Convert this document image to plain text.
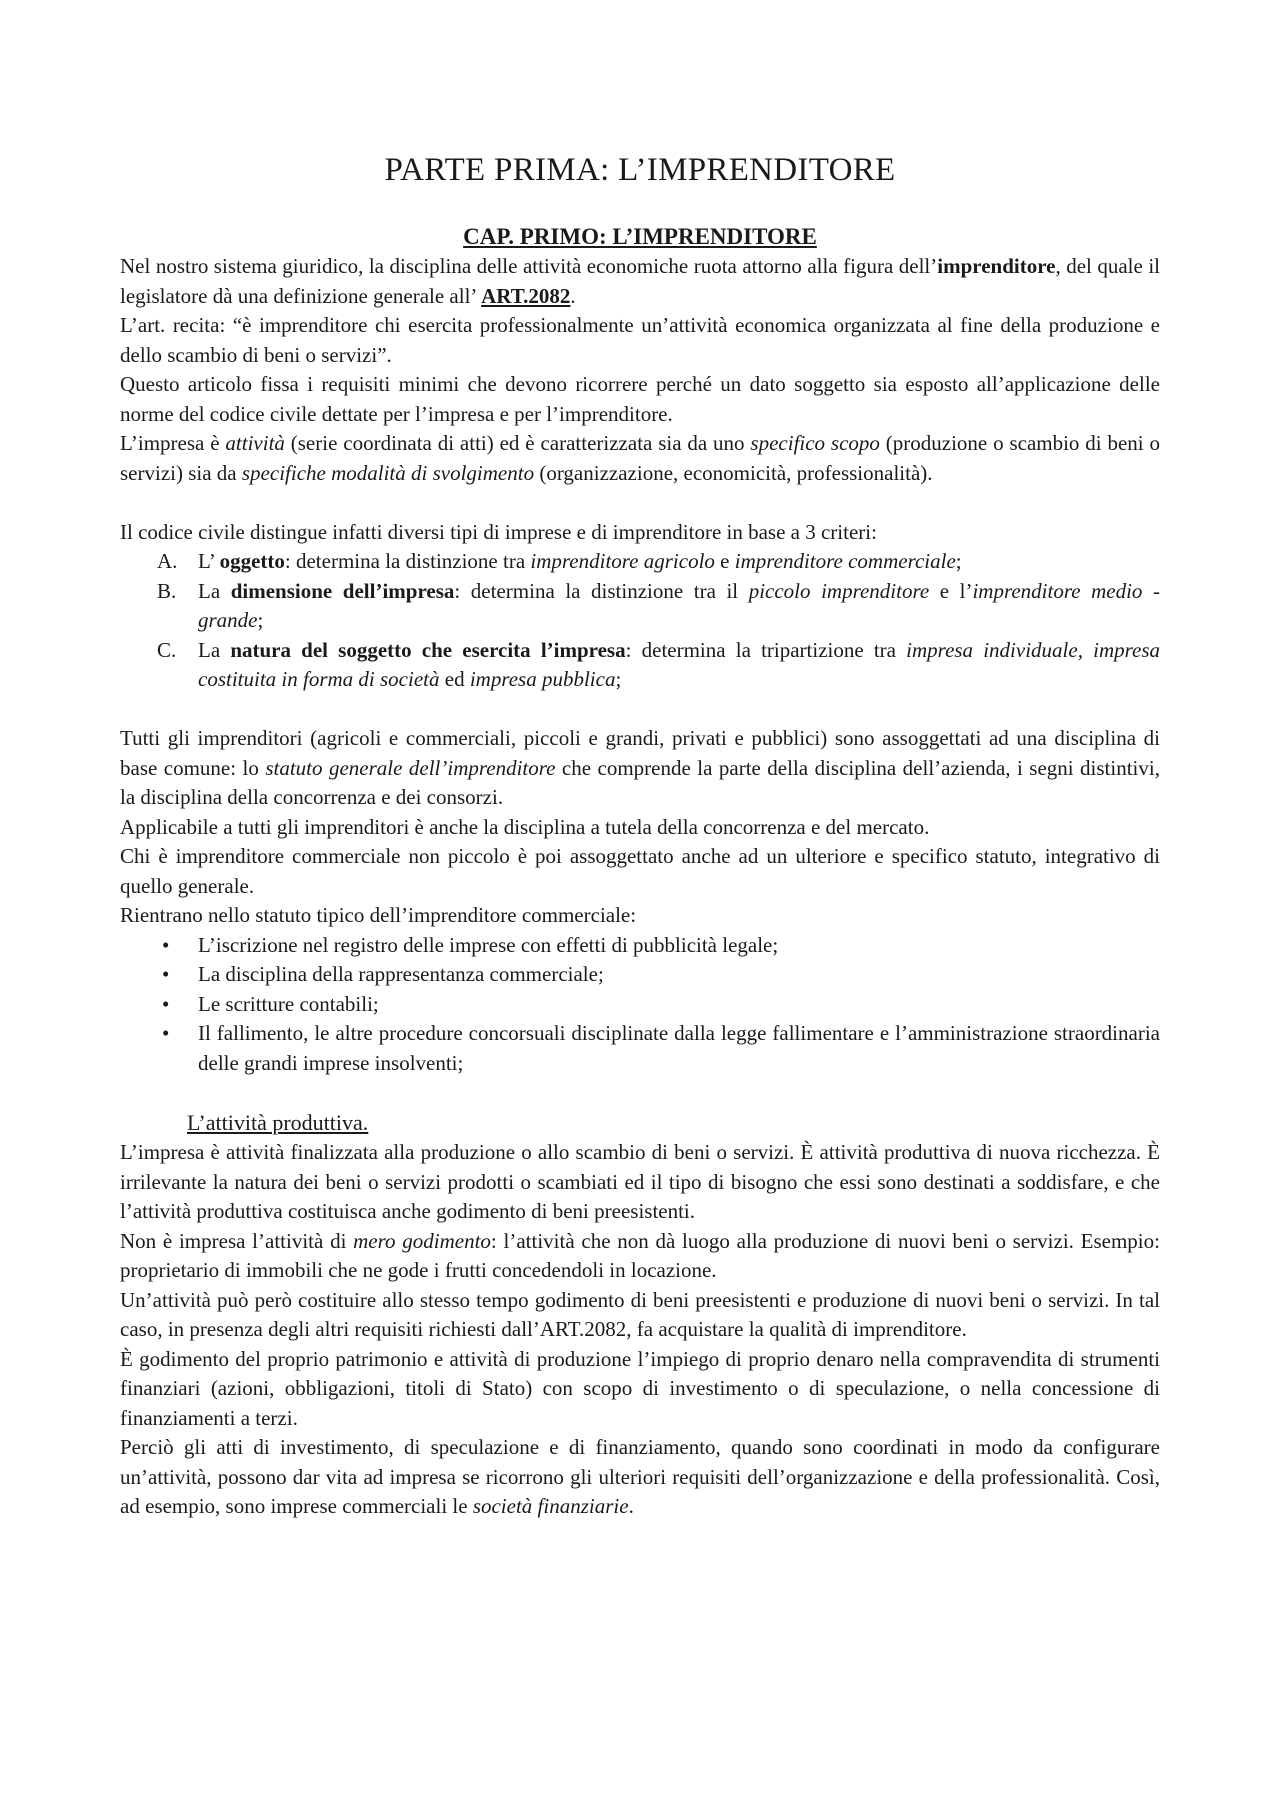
PARTE PRIMA: L’IMPRENDITORE
CAP. PRIMO: L’IMPRENDITORE

Nel nostro sistema giuridico, la disciplina delle attività economiche ruota attorno alla figura dell’imprenditore, del quale il legislatore dà una definizione generale all’ ART.2082.

L’art. recita: “è imprenditore chi esercita professionalmente un’attività economica organizzata al fine della produzione e dello scambio di beni o servizi”.

Questo articolo fissa i requisiti minimi che devono ricorrere perché un dato soggetto sia esposto all’applicazione delle norme del codice civile dettate per l’impresa e per l’imprenditore.

L’impresa è attività (serie coordinata di atti) ed è caratterizzata sia da uno specifico scopo (produzione o scambio di beni o servizi) sia da specifiche modalità di svolgimento (organizzazione, economicità, professionalità).

Il codice civile distingue infatti diversi tipi di imprese e di imprenditore in base a 3 criteri:

A. L’ oggetto: determina la distinzione tra imprenditore agricolo e imprenditore commerciale;
B. La dimensione dell’impresa: determina la distinzione tra il piccolo imprenditore e l’imprenditore medio - grande;
C. La natura del soggetto che esercita l’impresa: determina la tripartizione tra impresa individuale, impresa costituita in forma di società ed impresa pubblica;

Tutti gli imprenditori (agricoli e commerciali, piccoli e grandi, privati e pubblici) sono assoggettati ad una disciplina di base comune: lo statuto generale dell’imprenditore che comprende la parte della disciplina dell’azienda, i segni distintivi, la disciplina della concorrenza e dei consorzi.

Applicabile a tutti gli imprenditori è anche la disciplina a tutela della concorrenza e del mercato.

Chi è imprenditore commerciale non piccolo è poi assoggettato anche ad un ulteriore e specifico statuto, integrativo di quello generale.

Rientrano nello statuto tipico dell’imprenditore commerciale:

• L’iscrizione nel registro delle imprese con effetti di pubblicità legale;
• La disciplina della rappresentanza commerciale;
• Le scritture contabili;
• Il fallimento, le altre procedure concorsuali disciplinate dalla legge fallimentare e l’amministrazione straordinaria delle grandi imprese insolventi;
L’attività produttiva.

L’impresa è attività finalizzata alla produzione o allo scambio di beni o servizi. È attività produttiva di nuova ricchezza. È irrilevante la natura dei beni o servizi prodotti o scambiati ed il tipo di bisogno che essi sono destinati a soddisfare, e che l’attività produttiva costituisca anche godimento di beni preesistenti.

Non è impresa l’attività di mero godimento: l’attività che non dà luogo alla produzione di nuovi beni o servizi. Esempio: proprietario di immobili che ne gode i frutti concedendoli in locazione.

Un’attività può però costituire allo stesso tempo godimento di beni preesistenti e produzione di nuovi beni o servizi. In tal caso, in presenza degli altri requisiti richiesti dall’ART.2082, fa acquistare la qualità di imprenditore.

È godimento del proprio patrimonio e attività di produzione l’impiego di proprio denaro nella compravendita di strumenti finanziari (azioni, obbligazioni, titoli di Stato) con scopo di investimento o di speculazione, o nella concessione di finanziamenti a terzi.

Perciò gli atti di investimento, di speculazione e di finanziamento, quando sono coordinati in modo da configurare un’attività, possono dar vita ad impresa se ricorrono gli ulteriori requisiti dell’organizzazione e della professionalità. Così, ad esempio, sono imprese commerciali le società finanziarie.
